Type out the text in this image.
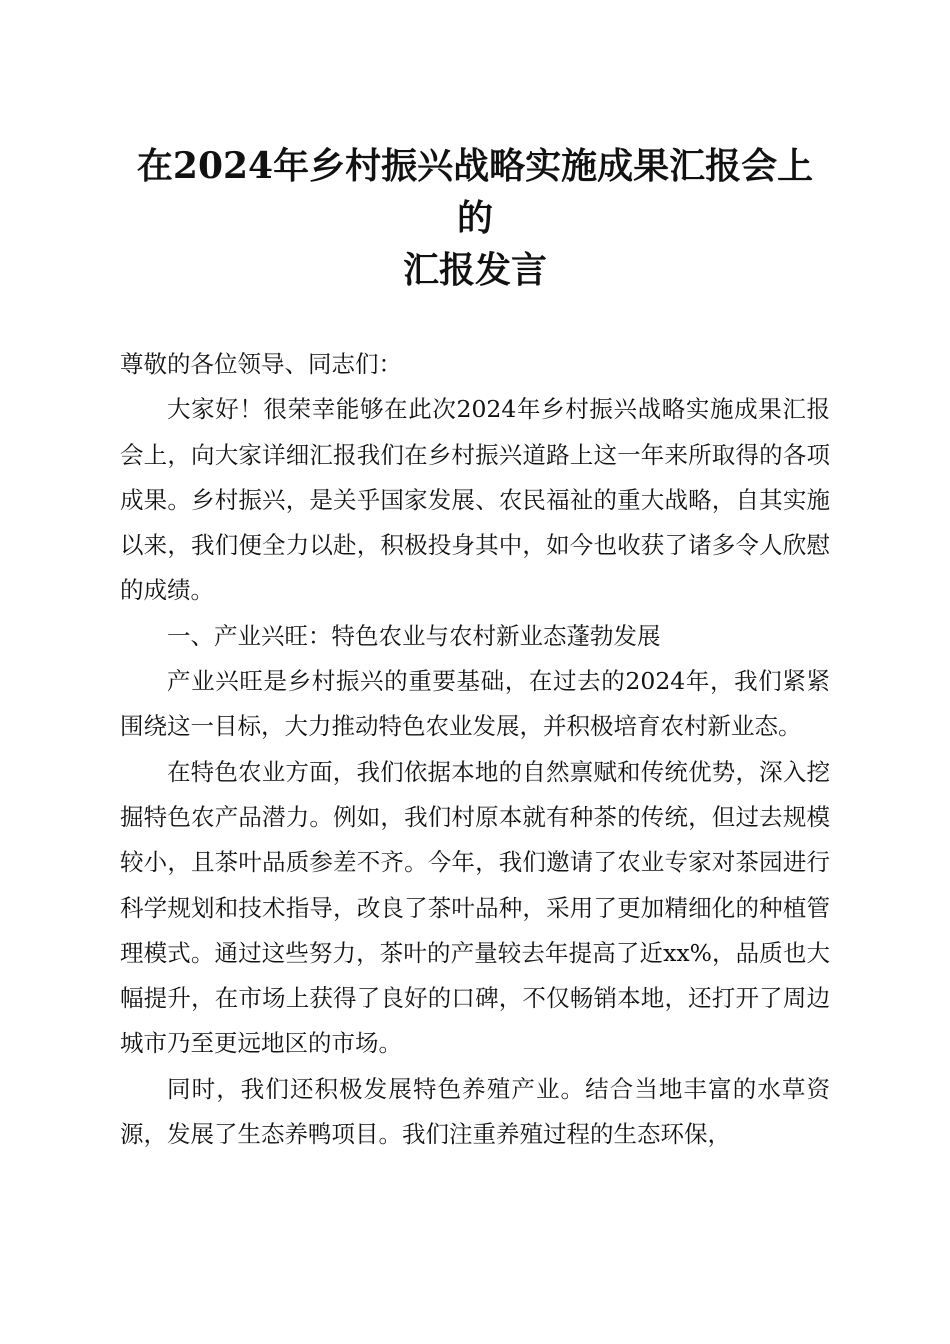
在2024年乡村振兴战略实施成果汇报会上的
汇报发言

尊敬的各位领导、同志们：

大家好！很荣幸能够在此次2024年乡村振兴战略实施成果汇报会上，向大家详细汇报我们在乡村振兴道路上这一年来所取得的各项成果。乡村振兴，是关乎国家发展、农民福祉的重大战略，自其实施以来，我们便全力以赴，积极投身其中，如今也收获了诸多令人欣慰的成绩。

一、产业兴旺：特色农业与农村新业态蓬勃发展

产业兴旺是乡村振兴的重要基础，在过去的2024年，我们紧紧围绕这一目标，大力推动特色农业发展，并积极培育农村新业态。

在特色农业方面，我们依据本地的自然禀赋和传统优势，深入挖掘特色农产品潜力。例如，我们村原本就有种茶的传统，但过去规模较小，且茶叶品质参差不齐。今年，我们邀请了农业专家对茶园进行科学规划和技术指导，改良了茶叶品种，采用了更加精细化的种植管理模式。通过这些努力，茶叶的产量较去年提高了近xx%，品质也大幅提升，在市场上获得了良好的口碑，不仅畅销本地，还打开了周边城市乃至更远地区的市场。

同时，我们还积极发展特色养殖产业。结合当地丰富的水草资源，发展了生态养鸭项目。我们注重养殖过程的生态环保，
